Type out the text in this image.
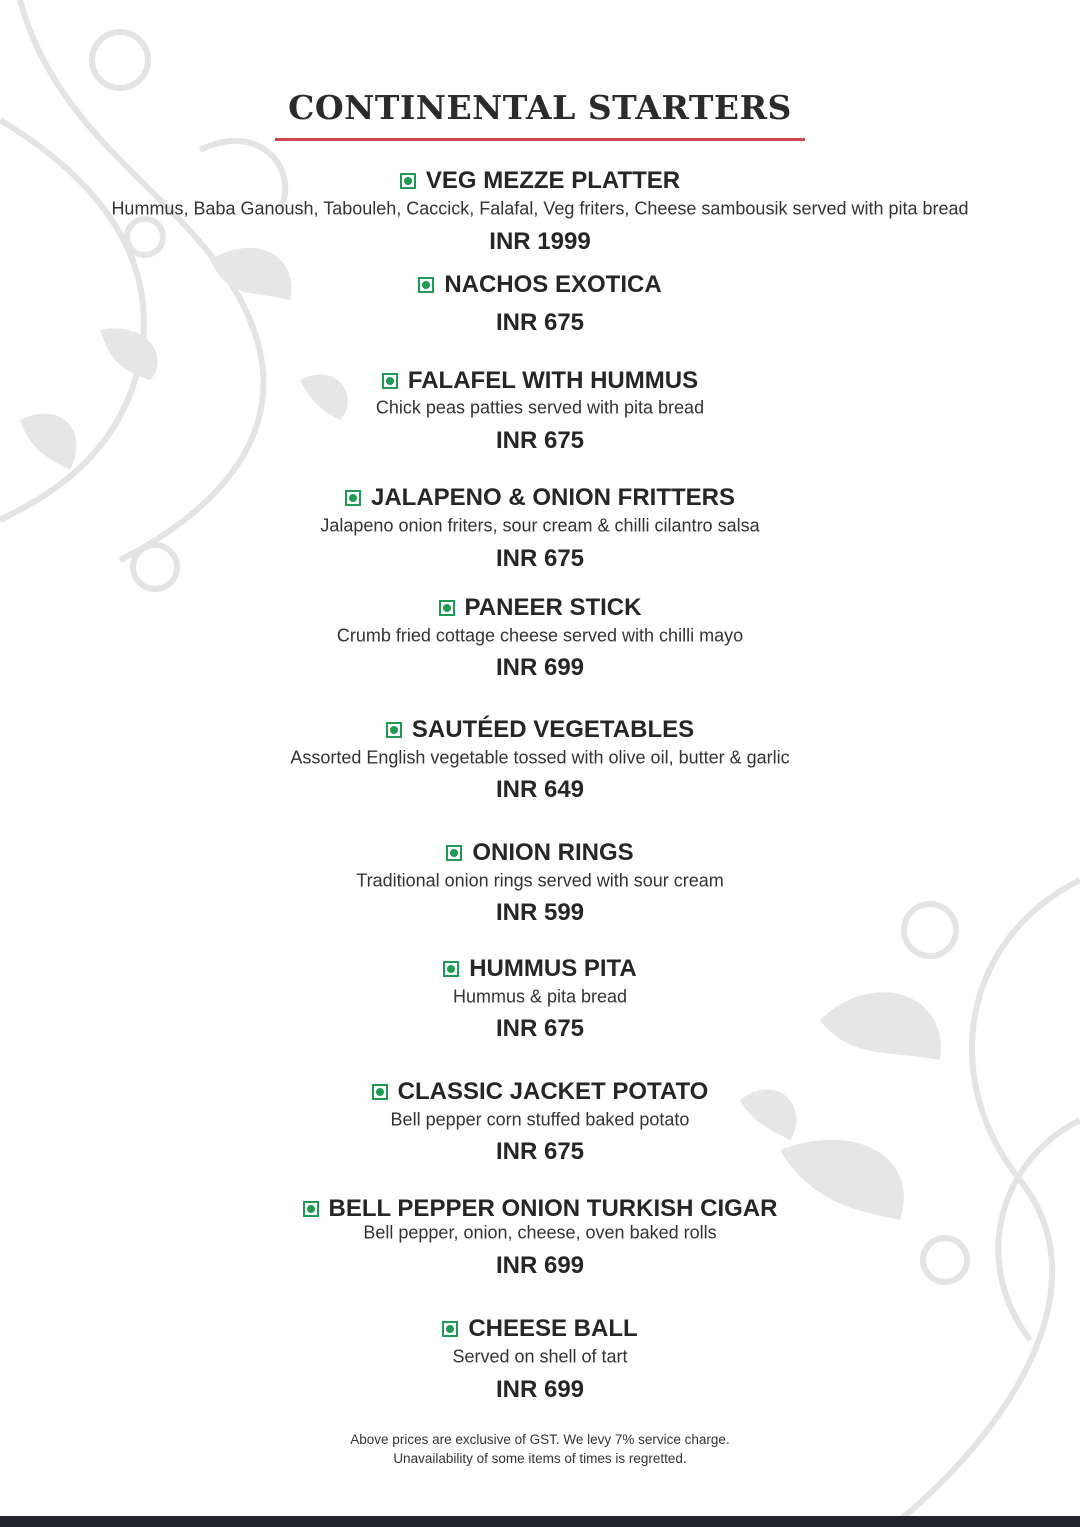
CONTINENTAL STARTERS
VEG MEZZE PLATTER
Hummus, Baba Ganoush, Tabouleh, Caccick, Falafal, Veg friters, Cheese sambousik served with pita bread
INR 1999
NACHOS EXOTICA
INR 675
FALAFEL WITH HUMMUS
Chick peas patties served with pita bread
INR 675
JALAPENO & ONION FRITTERS
Jalapeno onion friters, sour cream & chilli cilantro salsa
INR 675
PANEER STICK
Crumb fried cottage cheese served with chilli mayo
INR 699
SAUTÉED VEGETABLES
Assorted English vegetable tossed with olive oil, butter & garlic
INR 649
ONION RINGS
Traditional onion rings served with sour cream
INR 599
HUMMUS PITA
Hummus & pita bread
INR 675
CLASSIC JACKET POTATO
Bell pepper corn stuffed baked potato
INR 675
BELL PEPPER ONION TURKISH CIGAR
Bell pepper, onion, cheese, oven baked rolls
INR 699
CHEESE BALL
Served on shell of tart
INR 699
Above prices are exclusive of GST. We levy 7% service charge.
Unavailability of some items of times is regretted.
